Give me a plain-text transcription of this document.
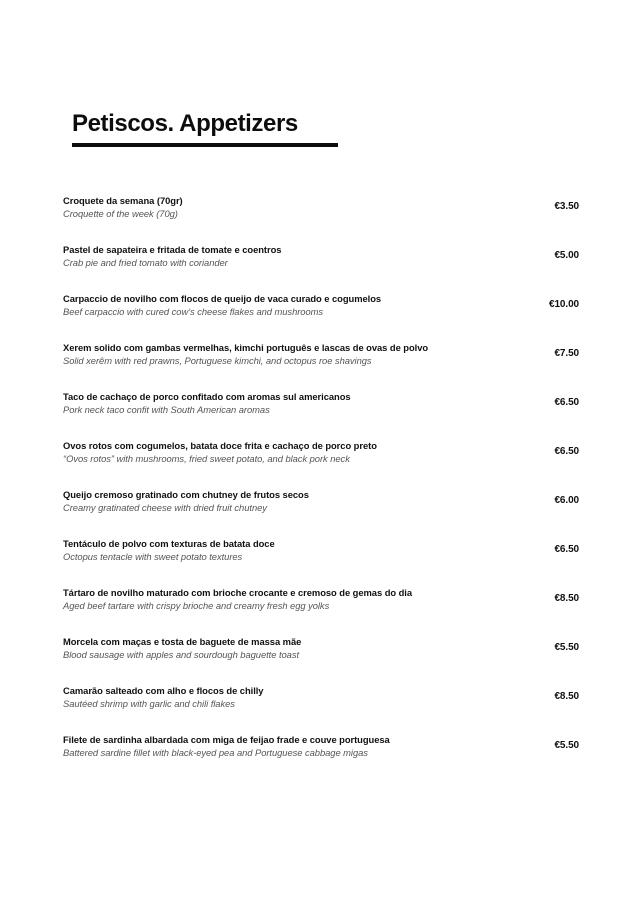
Petiscos. Appetizers
Croquete da semana (70gr)
Croquette of the week (70g)
€3.50
Pastel de sapateira e fritada de tomate e coentros
Crab pie and fried tomato with coriander
€5.00
Carpaccio de novilho com flocos de queijo de vaca curado e cogumelos
Beef carpaccio with cured cow’s cheese flakes and mushrooms
€10.00
Xerem solido com gambas vermelhas, kimchi português e lascas de ovas de polvo
Solid xerêm with red prawns, Portuguese kimchi, and octopus roe shavings
€7.50
Taco de cachaço de porco confitado com aromas sul americanos
Pork neck taco confit with South American aromas
€6.50
Ovos rotos com cogumelos, batata doce frita e cachaço de porco preto
“Ovos rotos” with mushrooms, fried sweet potato, and black pork neck
€6.50
Queijo cremoso gratinado com chutney de frutos secos
Creamy gratinated cheese with dried fruit chutney
€6.00
Tentáculo de polvo com texturas de batata doce
Octopus tentacle with sweet potato textures
€6.50
Tártaro de novilho maturado com brioche crocante e cremoso de gemas do dia
Aged beef tartare with crispy brioche and creamy fresh egg yolks
€8.50
Morcela com maças e tosta de baguete de massa mãe
Blood sausage with apples and sourdough baguette toast
€5.50
Camarão salteado com alho e flocos de chilly
Sautéed shrimp with garlic and chili flakes
€8.50
Filete de sardinha albardada com miga de feijao frade e couve portuguesa
Battered sardine fillet with black-eyed pea and Portuguese cabbage migas
€5.50
